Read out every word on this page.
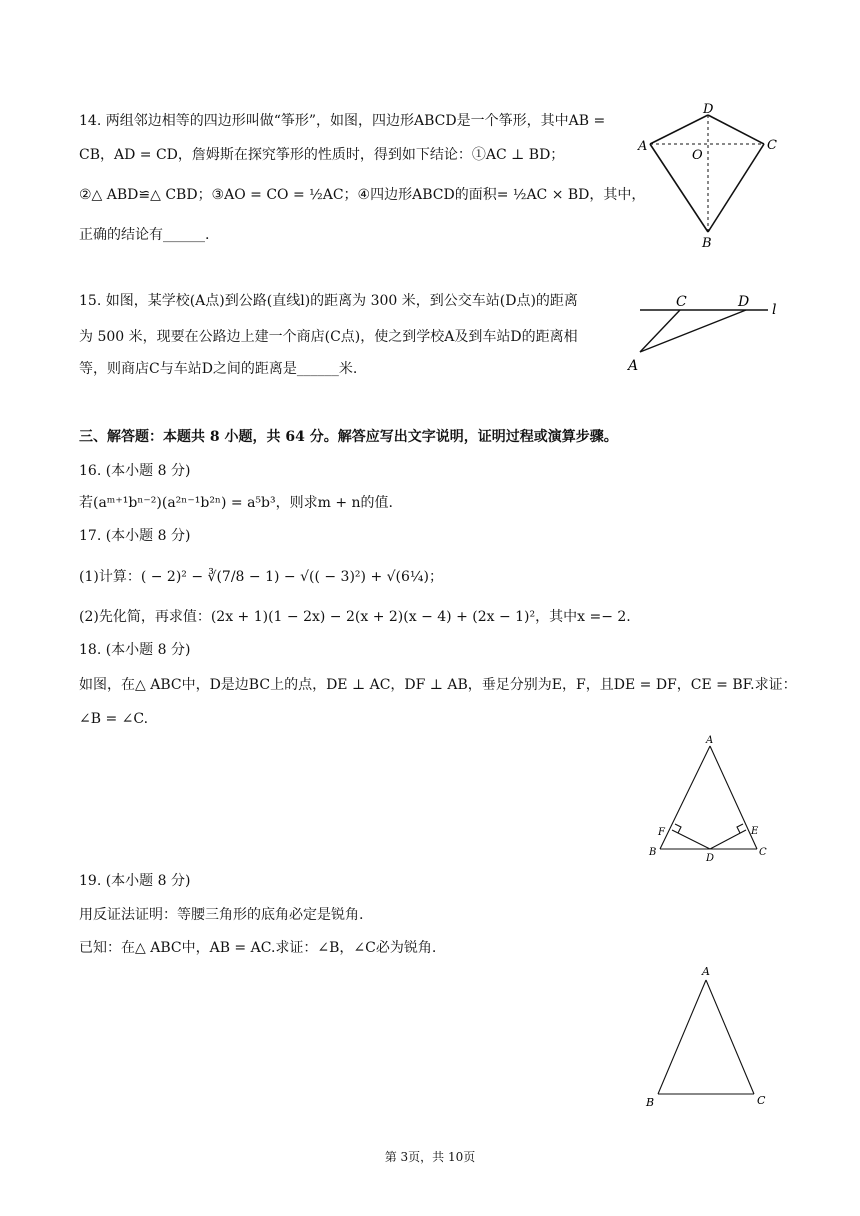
14. 两组邻边相等的四边形叫做“筝形”，如图，四边形ABCD是一个筝形，其中AB =
CB，AD = CD，詹姆斯在探究筝形的性质时，得到如下结论：①AC ⊥ BD；
②△ ABD≌△ CBD；③AO = CO = ½AC；④四边形ABCD的面积= ½AC × BD，其中，
正确的结论有______.
D
A	C
O
B
15. 如图，某学校(A点)到公路(直线l)的距离为 300 米，到公交车站(D点)的距离
为 500 米，现要在公路边上建一个商店(C点)，使之到学校A及到车站D的距离相
等，则商店C与车站D之间的距离是______米.
C	D l
A
三、解答题：本题共 8 小题，共 64 分。解答应写出文字说明，证明过程或演算步骤。
16. (本小题 8 分)
若(aᵐ⁺¹bⁿ⁻²)(a²ⁿ⁻¹b²ⁿ) = a⁵b³，则求m + n的值.
17. (本小题 8 分)
(1)计算：( − 2)² − ∛(7/8 − 1) − √(( − 3)²) + √(6¼)；
(2)先化简，再求值：(2x + 1)(1 − 2x) − 2(x + 2)(x − 4) + (2x − 1)²，其中x =− 2.
18. (本小题 8 分)
如图，在△ ABC中，D是边BC上的点，DE ⊥ AC，DF ⊥ AB，垂足分别为E，F，且DE = DF，CE = BF.求证：
∠B = ∠C.
A
F	E
B	C
D
19. (本小题 8 分)
用反证法证明：等腰三角形的底角必定是锐角.
已知：在△ ABC中，AB = AC.求证：∠B，∠C必为锐角.
A
B	C
第 3页，共 10页
